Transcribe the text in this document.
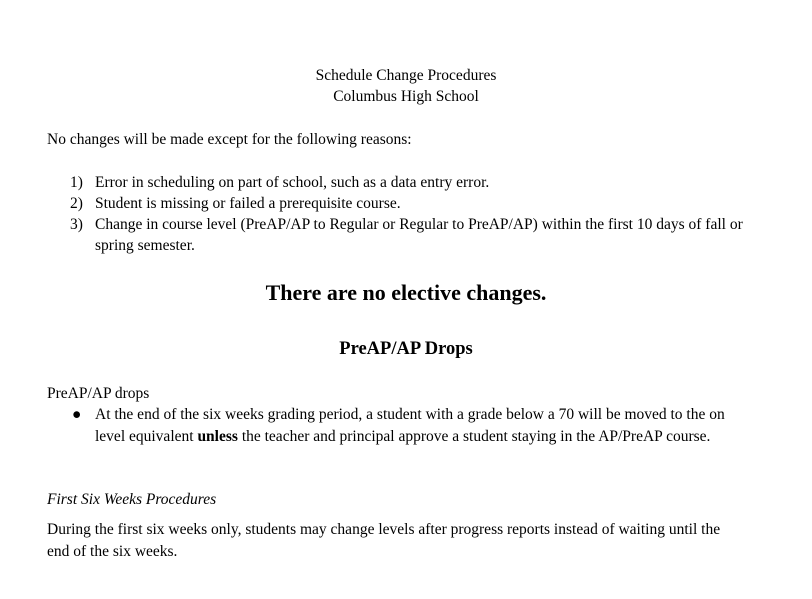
Schedule Change Procedures
Columbus High School
No changes will be made except for the following reasons:
1) Error in scheduling on part of school, such as a data entry error.
2) Student is missing or failed a prerequisite course.
3) Change in course level (PreAP/AP to Regular or Regular to PreAP/AP) within the first 10 days of fall or
spring semester.
There are no elective changes.
PreAP/AP Drops
PreAP/AP drops
● At the end of the six weeks grading period, a student with a grade below a 70 will be moved to the on
level equivalent unless the teacher and principal approve a student staying in the AP/PreAP course.
First Six Weeks Procedures
During the first six weeks only, students may change levels after progress reports instead of waiting until the
end of the six weeks.
